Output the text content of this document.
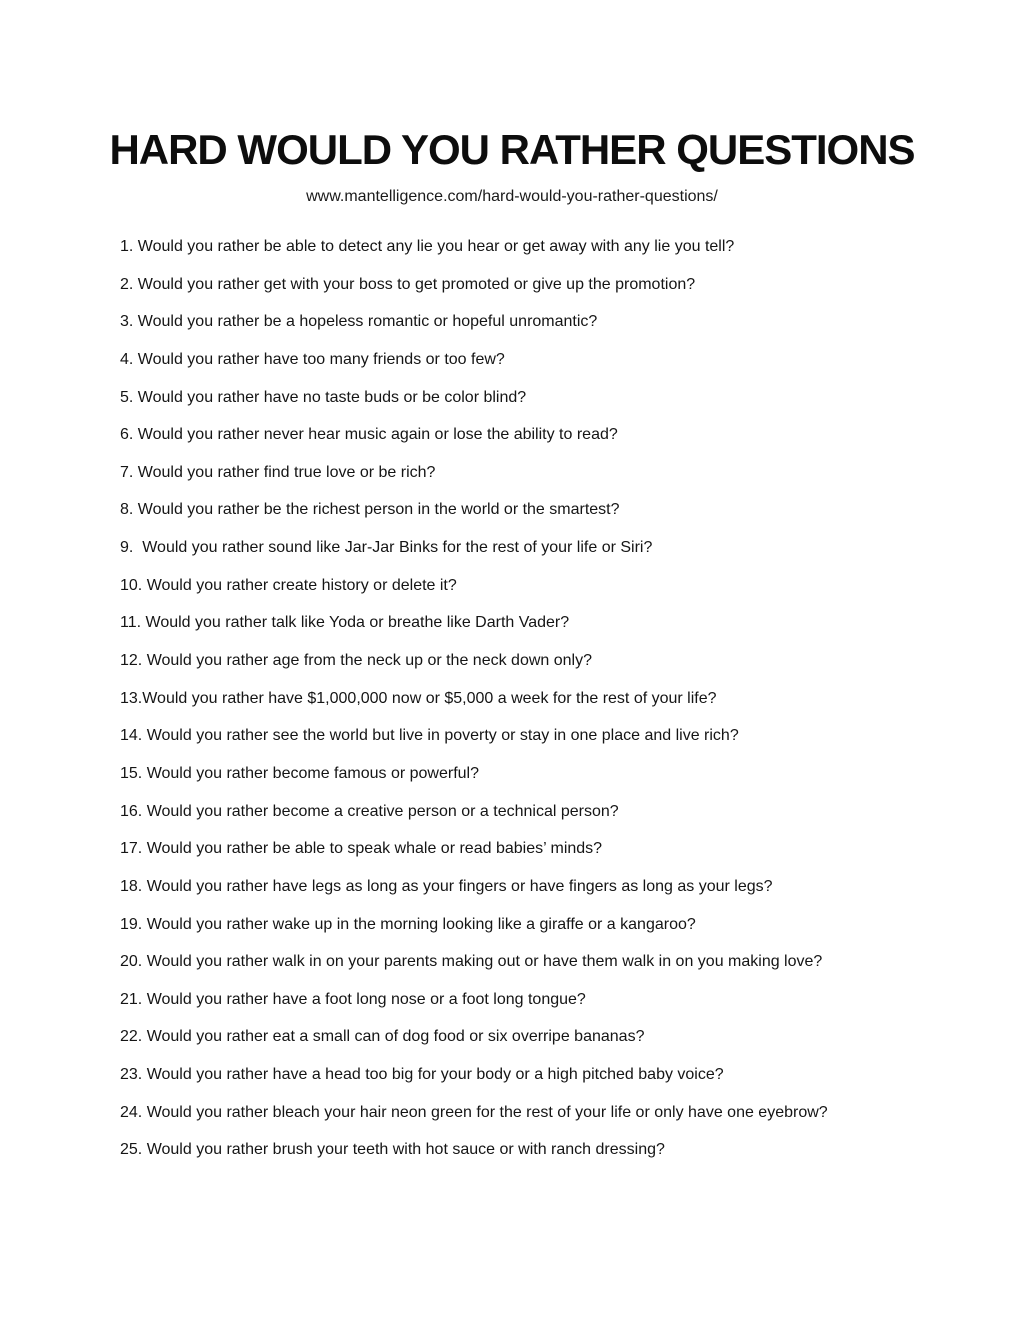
HARD WOULD YOU RATHER QUESTIONS
www.mantelligence.com/hard-would-you-rather-questions/
1. Would you rather be able to detect any lie you hear or get away with any lie you tell?
2. Would you rather get with your boss to get promoted or give up the promotion?
3. Would you rather be a hopeless romantic or hopeful unromantic?
4. Would you rather have too many friends or too few?
5. Would you rather have no taste buds or be color blind?
6. Would you rather never hear music again or lose the ability to read?
7. Would you rather find true love or be rich?
8. Would you rather be the richest person in the world or the smartest?
9.  Would you rather sound like Jar-Jar Binks for the rest of your life or Siri?
10. Would you rather create history or delete it?
11. Would you rather talk like Yoda or breathe like Darth Vader?
12. Would you rather age from the neck up or the neck down only?
13.Would you rather have $1,000,000 now or $5,000 a week for the rest of your life?
14. Would you rather see the world but live in poverty or stay in one place and live rich?
15. Would you rather become famous or powerful?
16. Would you rather become a creative person or a technical person?
17. Would you rather be able to speak whale or read babies’ minds?
18. Would you rather have legs as long as your fingers or have fingers as long as your legs?
19. Would you rather wake up in the morning looking like a giraffe or a kangaroo?
20. Would you rather walk in on your parents making out or have them walk in on you making love?
21. Would you rather have a foot long nose or a foot long tongue?
22. Would you rather eat a small can of dog food or six overripe bananas?
23. Would you rather have a head too big for your body or a high pitched baby voice?
24. Would you rather bleach your hair neon green for the rest of your life or only have one eyebrow?
25. Would you rather brush your teeth with hot sauce or with ranch dressing?
